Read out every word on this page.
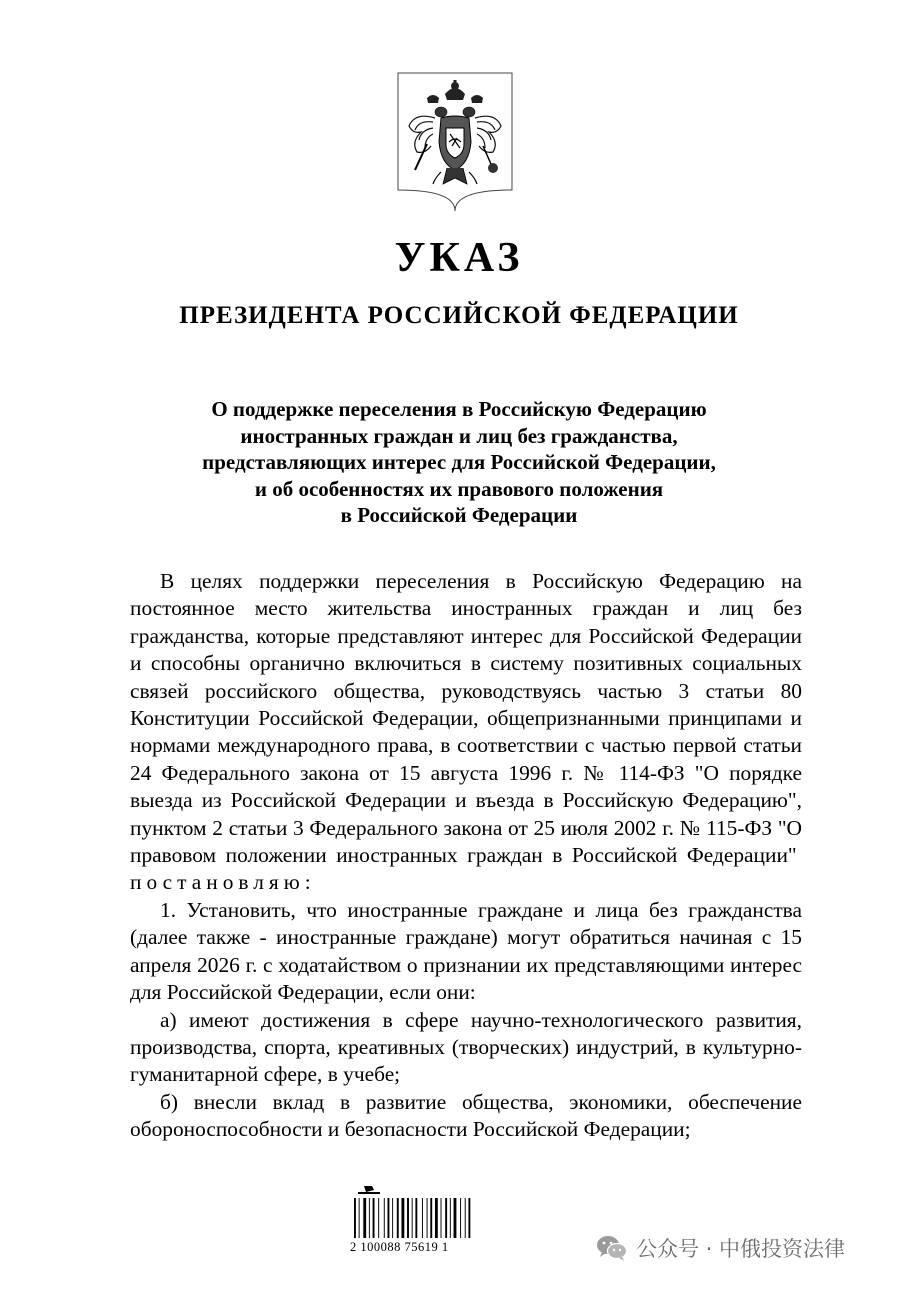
УКАЗ
ПРЕЗИДЕНТА РОССИЙСКОЙ ФЕДЕРАЦИИ
О поддержке переселения в Российскую Федерацию
иностранных граждан и лиц без гражданства,
представляющих интерес для Российской Федерации,
и об особенностях их правового положения
в Российской Федерации

В целях поддержки переселения в Российскую Федерацию на постоянное место жительства иностранных граждан и лиц без гражданства, которые представляют интерес для Российской Федерации и способны органично включиться в систему позитивных социальных связей российского общества, руководствуясь частью 3 статьи 80 Конституции Российской Федерации, общепризнанными принципами и нормами международного права, в соответствии с частью первой статьи 24 Федерального закона от 15 августа 1996 г. № 114-ФЗ "О порядке выезда из Российской Федерации и въезда в Российскую Федерацию", пунктом 2 статьи 3 Федерального закона от 25 июля 2002 г. № 115-ФЗ "О правовом положении иностранных граждан в Российской Федерации"  постановляю:

1. Установить, что иностранные граждане и лица без гражданства (далее также - иностранные граждане) могут обратиться начиная с 15 апреля 2026 г. с ходатайством о признании их представляющими интерес для Российской Федерации, если они:

а) имеют достижения в сфере научно-технологического развития, производства, спорта, креативных (творческих) индустрий, в культурно-гуманитарной сфере, в учебе;

б) внесли вклад в развитие общества, экономики, обеспечение обороноспособности и безопасности Российской Федерации;

2 100088 75619 1	公众号 · 中俄投资法律
